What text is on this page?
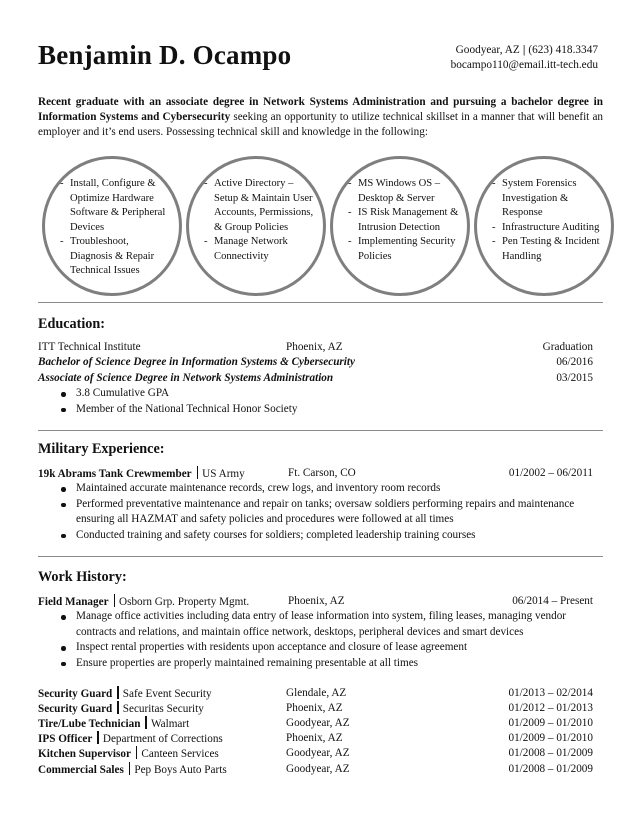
Benjamin D. Ocampo	Goodyear, AZ | (623) 418.3347
bocampo110@email.itt-tech.edu
Recent graduate with an associate degree in Network Systems Administration and pursuing a bachelor degree in Information Systems and Cybersecurity seeking an opportunity to utilize technical skillset in a manner that will benefit an employer and it’s end users. Possessing technical skill and knowledge in the following:
- Install, Configure & Optimize Hardware Software & Peripheral Devices
- Troubleshoot, Diagnosis & Repair Technical Issues
- Active Directory – Setup & Maintain User Accounts, Permissions, & Group Policies
- Manage Network Connectivity
- MS Windows OS – Desktop & Server
- IS Risk Management & Intrusion Detection
- Implementing Security Policies
- System Forensics Investigation & Response
- Infrastructure Auditing
- Pen Testing & Incident Handling
Education:
ITT Technical Institute	Phoenix, AZ	Graduation
Bachelor of Science Degree in Information Systems & Cybersecurity	06/2016
Associate of Science Degree in Network Systems Administration	03/2015
3.8 Cumulative GPA
Member of the National Technical Honor Society
Military Experience:
19k Abrams Tank Crewmember US Army	Ft. Carson, CO	01/2002 – 06/2011
Maintained accurate maintenance records, crew logs, and inventory room records
Performed preventative maintenance and repair on tanks; oversaw soldiers performing repairs and maintenance ensuring all HAZMAT and safety policies and procedures were followed at all times
Conducted training and safety courses for soldiers; completed leadership training courses
Work History:
Field Manager Osborn Grp. Property Mgmt.	Phoenix, AZ	06/2014 – Present
Manage office activities including data entry of lease information into system, filing leases, managing vendor contracts and relations, and maintain office network, desktops, peripheral devices and smart devices
Inspect rental properties with residents upon acceptance and closure of lease agreement
Ensure properties are properly maintained remaining presentable at all times
Security Guard Safe Event Security	Glendale, AZ	01/2013 – 02/2014
Security Guard Securitas Security	Phoenix, AZ	01/2012 – 01/2013
Tire/Lube Technician Walmart	Goodyear, AZ	01/2009 – 01/2010
IPS Officer Department of Corrections	Phoenix, AZ	01/2009 – 01/2010
Kitchen Supervisor Canteen Services	Goodyear, AZ	01/2008 – 01/2009
Commercial Sales Pep Boys Auto Parts	Goodyear, AZ	01/2008 – 01/2009
